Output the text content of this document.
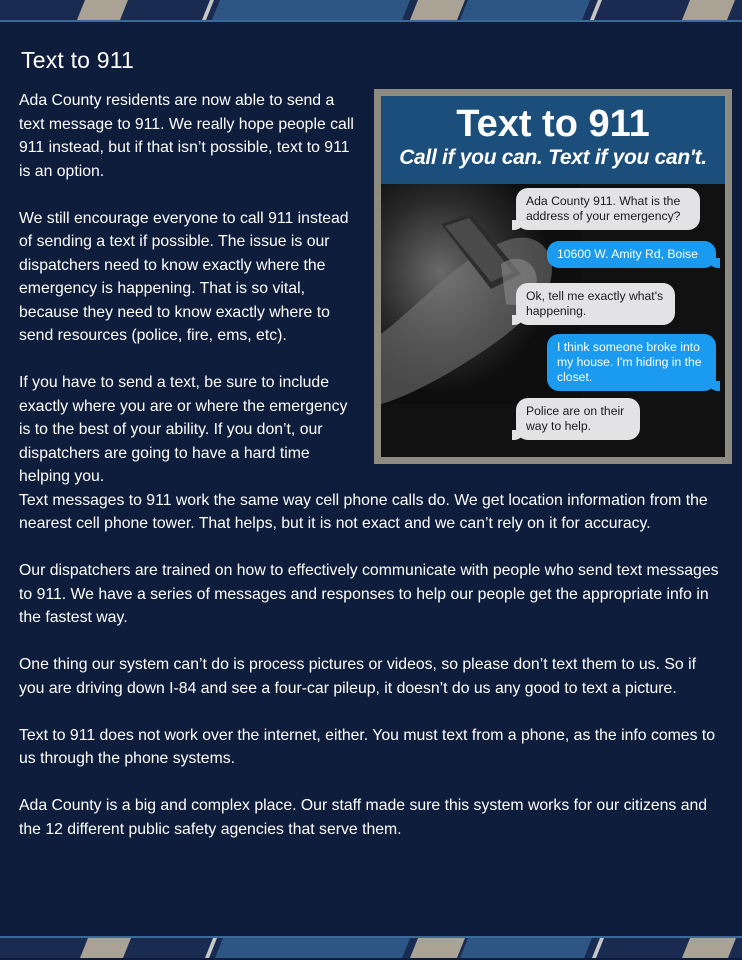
Text to 911
Text to 911
Call if you can. Text if you can't.
Ada County 911. What is the address of your emergency?
10600 W. Amity Rd, Boise
Ok, tell me exactly what's happening.
I think someone broke into my house. I'm hiding in the closet.
Police are on their way to help.

Ada County residents are now able to send a text message to 911. We really hope people call 911 instead, but if that isn’t possible, text to 911 is an option.

We still encourage everyone to call 911 instead of sending a text if possible. The issue is our dispatchers need to know exactly where the emergency is happening. That is so vital, because they need to know exactly where to send resources (police, fire, ems, etc).

If you have to send a text, be sure to include exactly where you are or where the emergency is to the best of your ability. If you don’t, our dispatchers are going to have a hard time helping you.

Text messages to 911 work the same way cell phone calls do. We get location information from the nearest cell phone tower. That helps, but it is not exact and we can’t rely on it for accuracy.

Our dispatchers are trained on how to effectively communicate with people who send text messages to 911. We have a series of messages and responses to help our people get the appropriate info in the fastest way.

One thing our system can’t do is process pictures or videos, so please don’t text them to us. So if you are driving down I-84 and see a four-car pileup, it doesn’t do us any good to text a picture.

Text to 911 does not work over the internet, either. You must text from a phone, as the info comes to us through the phone systems.

Ada County is a big and complex place. Our staff made sure this system works for our citizens and the 12 different public safety agencies that serve them.
